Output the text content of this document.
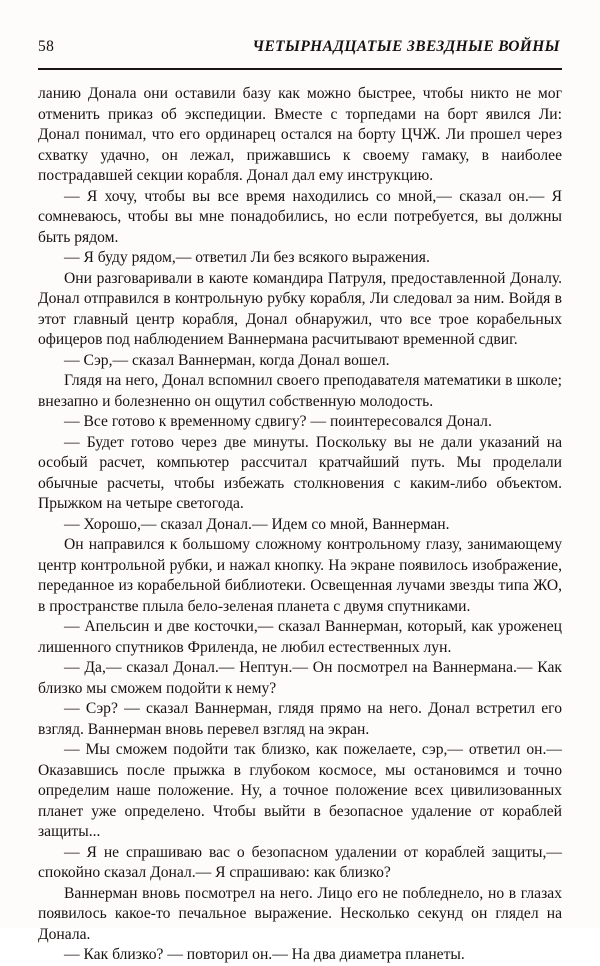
58	ЧЕТЫРНАДЦАТЫЕ ЗВЕЗДНЫЕ ВОЙНЫ

ланию Донала они оставили базу как можно быстрее, чтобы никто не мог отменить приказ об экспедиции. Вместе с торпедами на борт явился Ли: Донал понимал, что его ординарец остался на борту ЦЧЖ. Ли прошел через схватку удачно, он лежал, прижавшись к своему гамаку, в наиболее пострадавшей секции корабля. Донал дал ему инструкцию.

— Я хочу, чтобы вы все время находились со мной,— сказал он.— Я сомневаюсь, чтобы вы мне понадобились, но если потребуется, вы должны быть рядом.

— Я буду рядом,— ответил Ли без всякого выражения.

Они разговаривали в каюте командира Патруля, предоставленной Доналу. Донал отправился в контрольную рубку корабля, Ли следовал за ним. Войдя в этот главный центр корабля, Донал обнаружил, что все трое корабельных офицеров под наблюдением Ваннермана расчитывают временной сдвиг.

— Сэр,— сказал Ваннерман, когда Донал вошел.

Глядя на него, Донал вспомнил своего преподавателя математики в школе; внезапно и болезненно он ощутил собственную молодость.

— Все готово к временному сдвигу? — поинтересовался Донал.

— Будет готово через две минуты. Поскольку вы не дали указаний на особый расчет, компьютер рассчитал кратчайший путь. Мы проделали обычные расчеты, чтобы избежать столкновения с каким-либо объектом. Прыжком на четыре светогода.

— Хорошо,— сказал Донал.— Идем со мной, Ваннерман.

Он направился к большому сложному контрольному глазу, занимающему центр контрольной рубки, и нажал кнопку. На экране появилось изображение, переданное из корабельной библиотеки. Освещенная лучами звезды типа ЖО, в пространстве плыла бело-зеленая планета с двумя спутниками.

— Апельсин и две косточки,— сказал Ваннерман, который, как уроженец лишенного спутников Фриленда, не любил естественных лун.

— Да,— сказал Донал.— Нептун.— Он посмотрел на Ваннермана.— Как близко мы сможем подойти к нему?

— Сэр? — сказал Ваннерман, глядя прямо на него. Донал встретил его взгляд. Ваннерман вновь перевел взгляд на экран.

— Мы сможем подойти так близко, как пожелаете, сэр,— ответил он.— Оказавшись после прыжка в глубоком космосе, мы остановимся и точно определим наше положение. Ну, а точное положение всех цивилизованных планет уже определено. Чтобы выйти в безопасное удаление от кораблей защиты...

— Я не спрашиваю вас о безопасном удалении от кораблей защиты,— спокойно сказал Донал.— Я спрашиваю: как близко?

Ваннерман вновь посмотрел на него. Лицо его не побледнело, но в глазах появилось какое-то печальное выражение. Несколько секунд он глядел на Донала.

— Как близко? — повторил он.— На два диаметра планеты.
